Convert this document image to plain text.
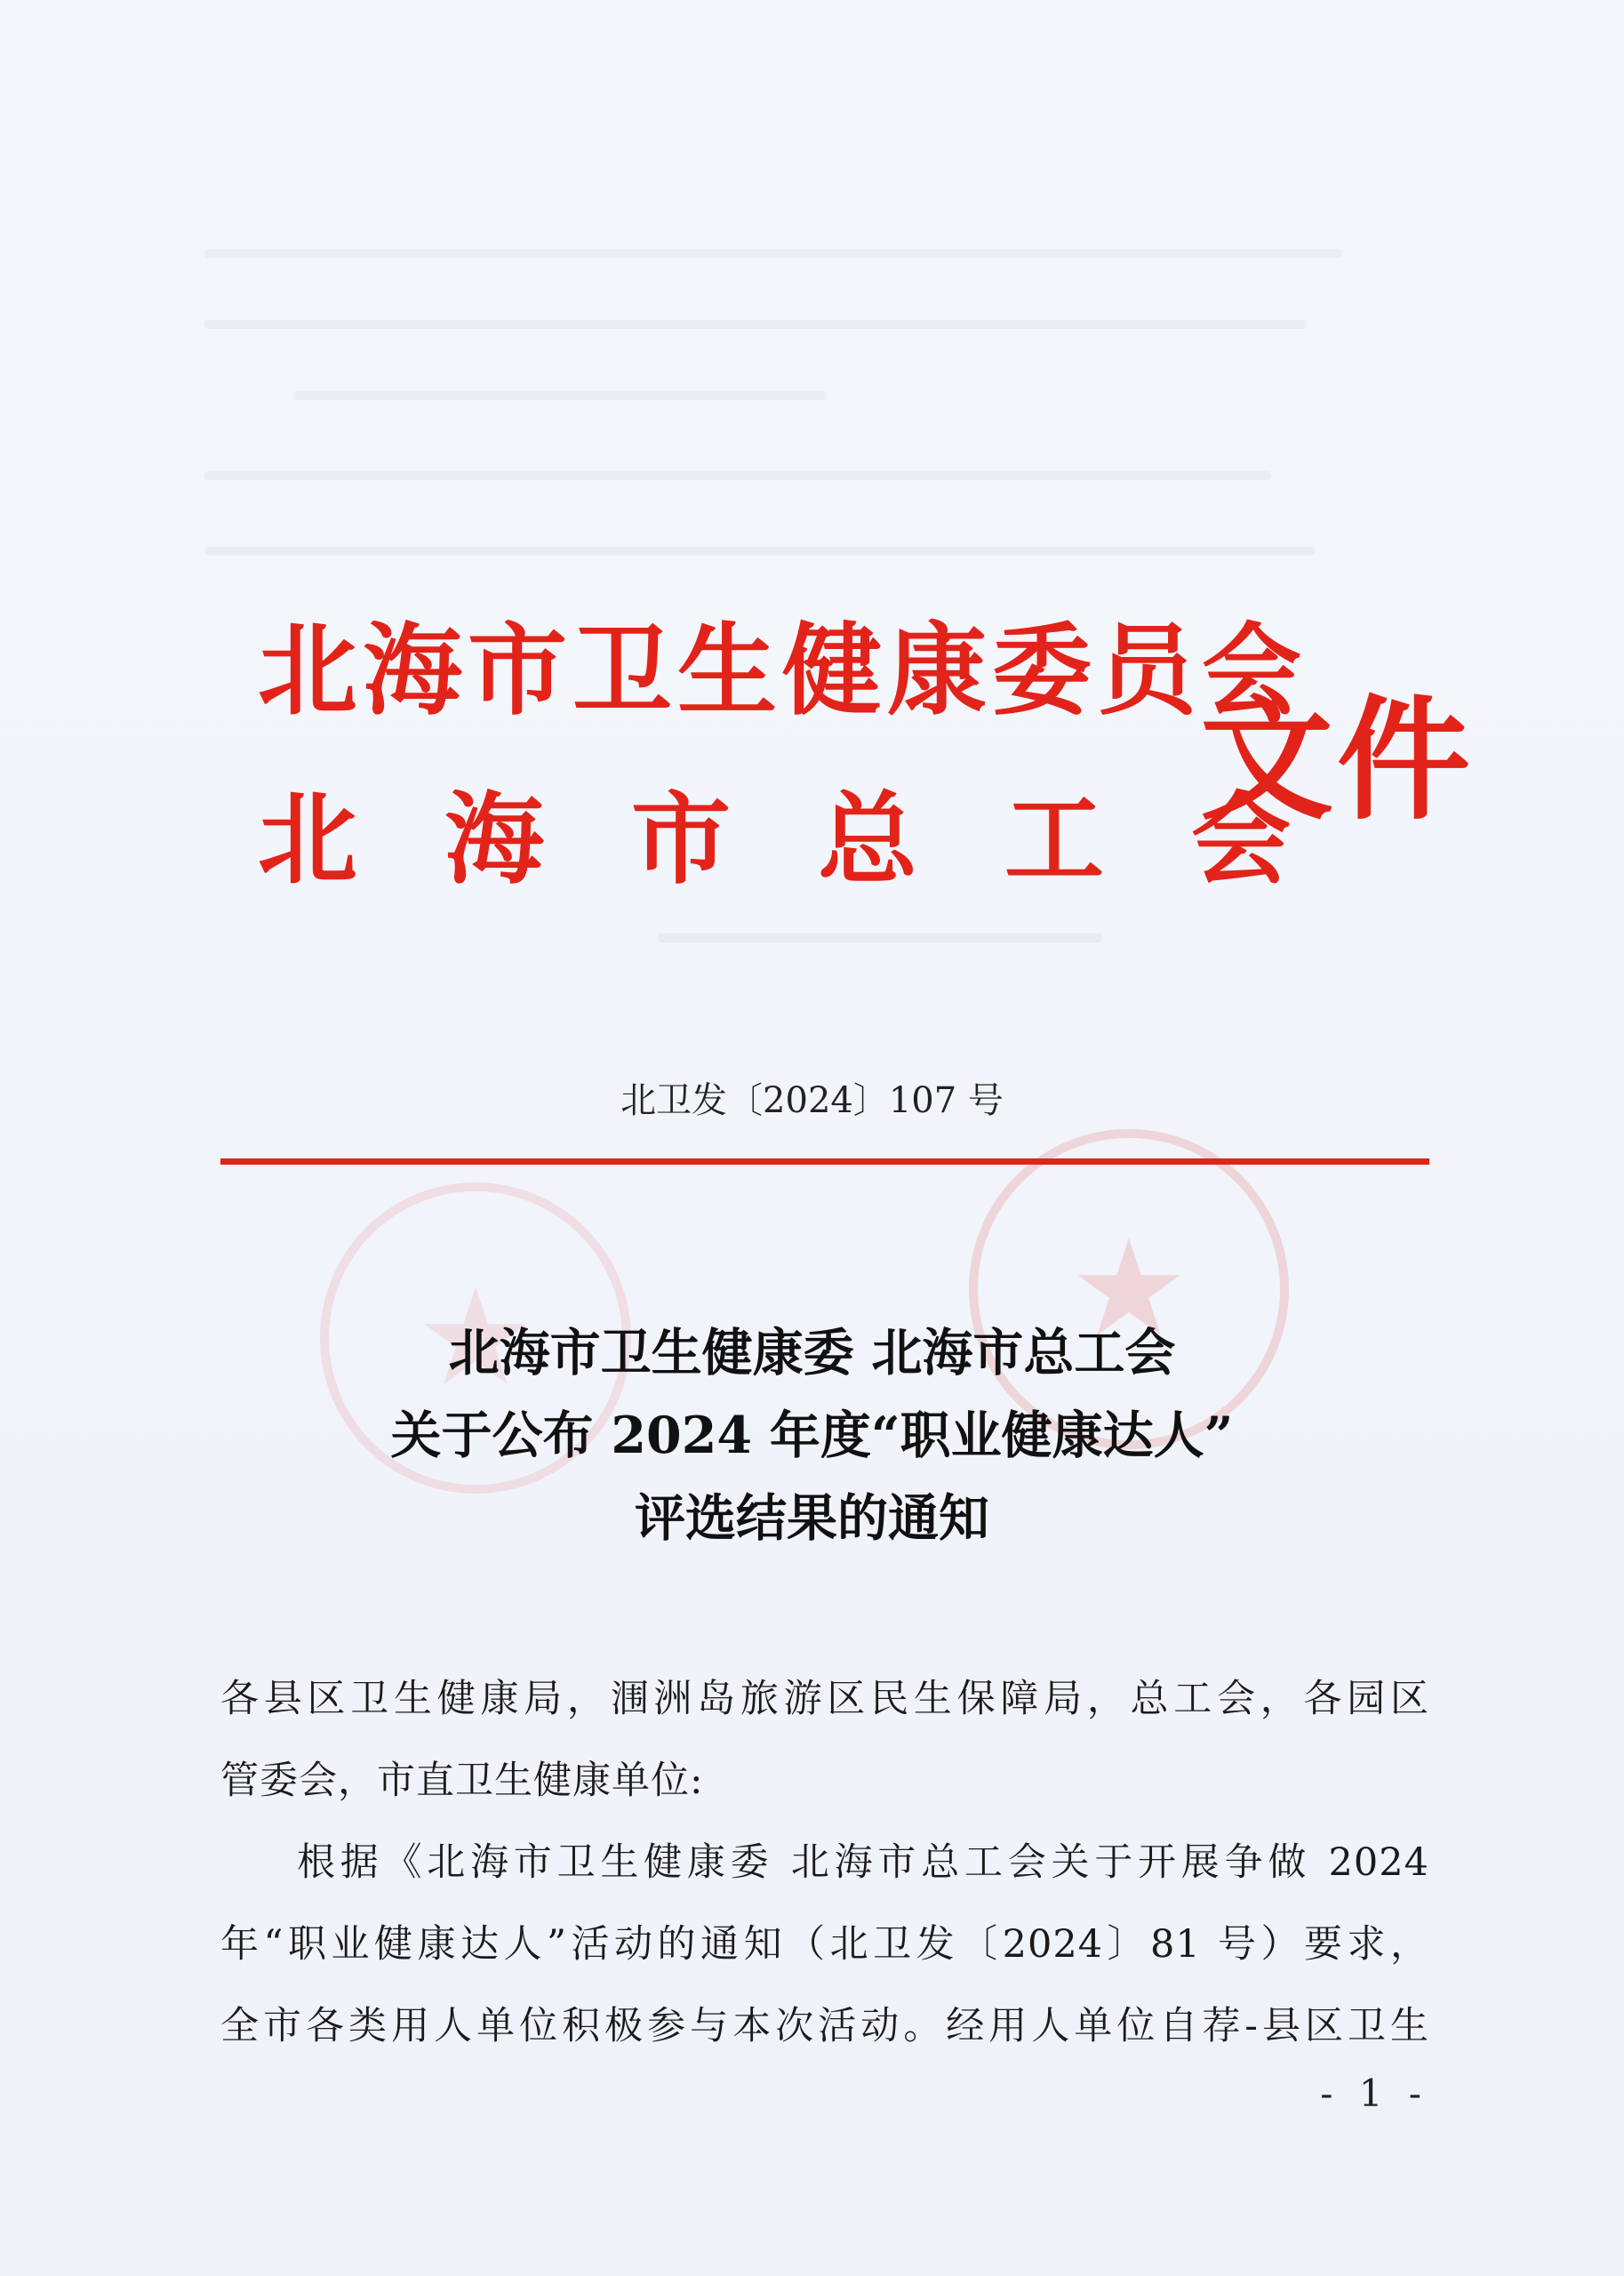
★	★
北海市卫生健康委员会
北海市总工会
文件
北卫发〔2024〕107 号
北海市卫生健康委 北海市总工会
关于公布 2024 年度“职业健康达人”
评选结果的通知

各县区卫生健康局，涠洲岛旅游区民生保障局，总工会，各园区

管委会，市直卫生健康单位:

根据《北海市卫生健康委 北海市总工会关于开展争做 2024

年“职业健康达人”活动的通知（北卫发〔2024〕81 号）要求，

全市各类用人单位积极参与本次活动。经用人单位自荐-县区卫生

- 1 -
